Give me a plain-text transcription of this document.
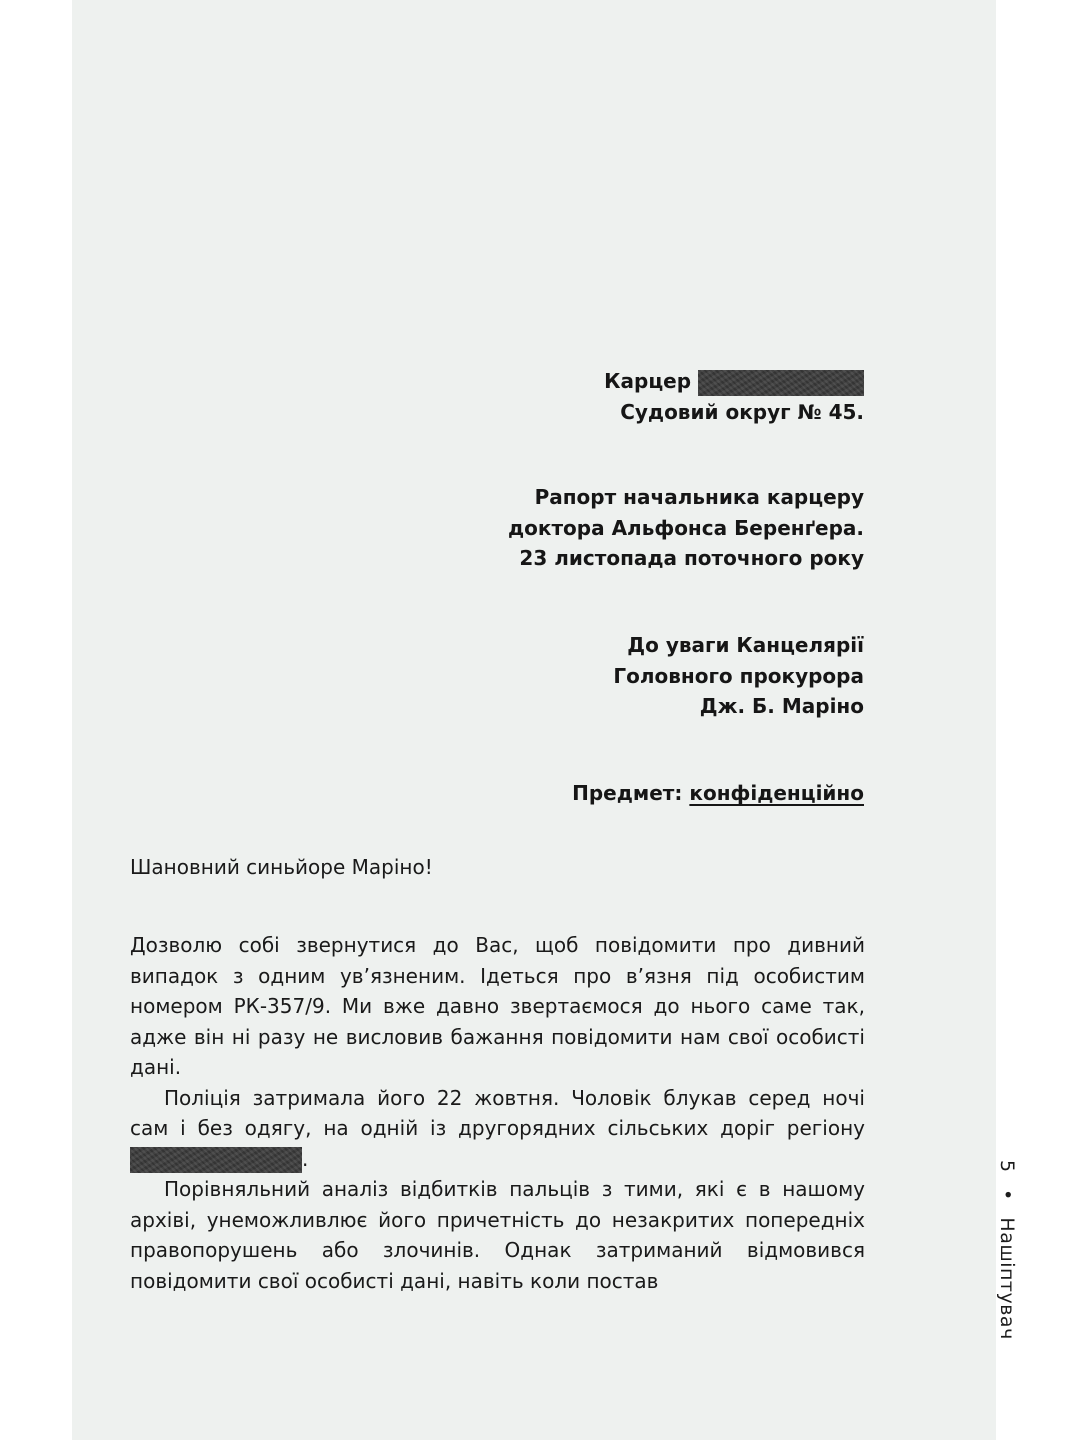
Карцер
Судовий округ № 45.
Рапорт начальника карцеру
доктора Альфонса Беренґера.
23 листопада поточного року
До уваги Канцелярії
Головного прокурора
Дж. Б. Маріно
Предмет: конфіденційно

Шановний синьйоре Маріно!

Дозволю собі звернутися до Вас, щоб повідомити про дивний випадок з одним ув’язненим. Ідеться про в’язня під особистим номером РК-357/9. Ми вже давно звертаємося до нього саме так, адже він ні разу не висловив бажання повідомити нам свої особисті дані.

Поліція затримала його 22 жовтня. Чоловік блукав серед ночі сам і без одягу, на одній із другорядних сільських доріг регіону .

Порівняльний аналіз відбитків пальців з тими, які є в нашому архіві, унеможливлює його причетність до незакритих попередніх правопорушень або злочинів. Однак затриманий відмовився повідомити свої особисті дані, навіть коли постав

5 • Нашіптувач
